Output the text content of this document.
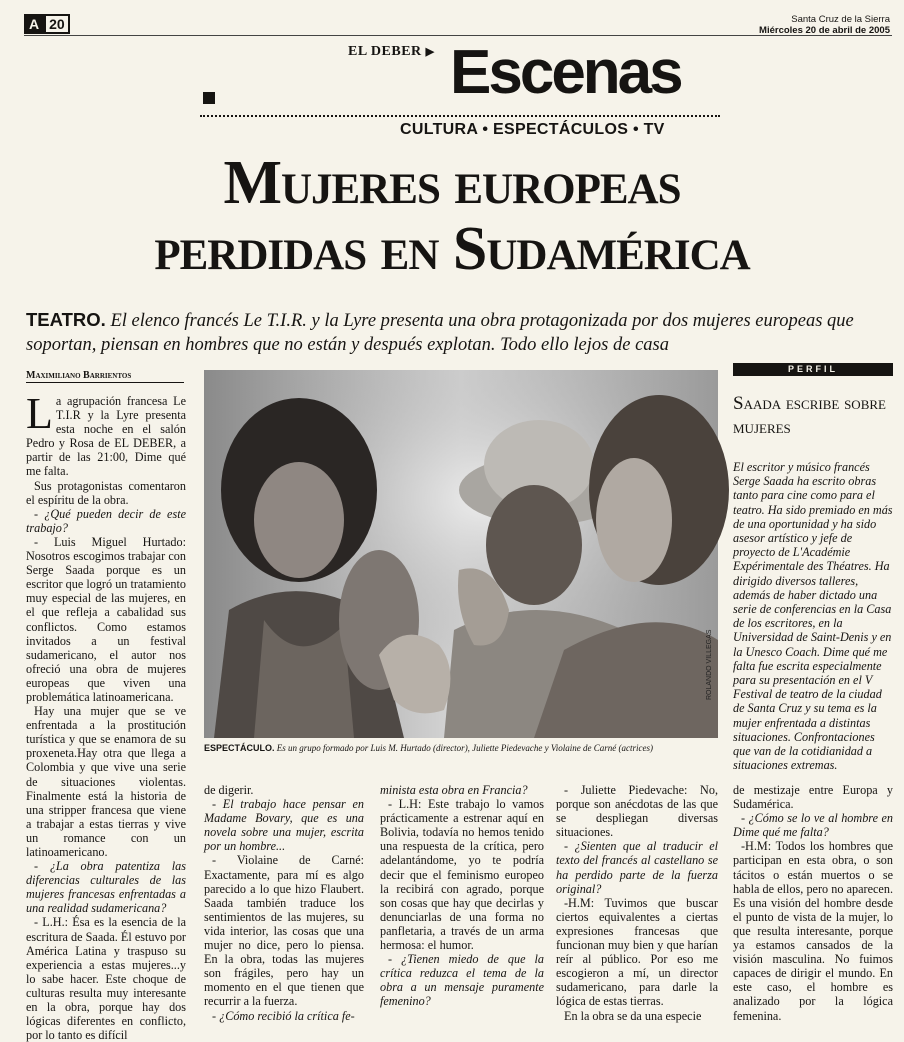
A 20	Santa Cruz de la Sierra
Miércoles 20 de abril de 2005
EL DEBER ▶ Escenas
CULTURA • ESPECTÁCULOS • TV
Mujeres europeas
perdidas en Sudamérica
TEATRO. El elenco francés Le T.I.R. y la Lyre presenta una obra protagonizada por dos mujeres europeas que soportan, piensan en hombres que no están y después explotan. Todo ello lejos de casa
Maximiliano Barrientos
L a agrupación francesa Le T.I.R y la Lyre presenta esta noche en el salón Pedro y Rosa de EL DEBER, a partir de las 21:00, Dime qué me falta.

Sus protagonistas comentaron el espíritu de la obra.

- ¿Qué pueden decir de este trabajo?

- Luis Miguel Hurtado: Nosotros escogimos trabajar con Serge Saada porque es un escritor que logró un tratamiento muy especial de las mujeres, en el que refleja a cabalidad sus conflictos. Como estamos invitados a un festival sudamericano, el autor nos ofreció una obra de mujeres europeas que viven una problemática latinoamericana.

Hay una mujer que se ve enfrentada a la prostitución turística y que se enamora de su proxeneta.Hay otra que llega a Colombia y que vive una serie de situaciones violentas. Finalmente está la historia de una stripper francesa que viene a trabajar a estas tierras y vive un romance con un latinoamericano.

- ¿La obra patentiza las diferencias culturales de las mujeres francesas enfrentadas a una realidad sudamericana?

- L.H.: Ésa es la esencia de la escritura de Saada. Él estuvo por América Latina y traspuso su experiencia a estas mujeres...y lo sabe hacer. Este choque de culturas resulta muy interesante en la obra, porque hay dos lógicas diferentes en conflicto, por lo tanto es difícil

ROLANDO VILLEGAS
ESPECTÁCULO. Es un grupo formado por Luis M. Hurtado (director), Juliette Piedevache y Violaine de Carné (actrices)

de digerir.

- El trabajo hace pensar en Madame Bovary, que es una novela sobre una mujer, escrita por un hombre...

- Violaine de Carné: Exactamente, para mí es algo parecido a lo que hizo Flaubert. Saada también traduce los sentimientos de las mujeres, su vida interior, las cosas que una mujer no dice, pero lo piensa. En la obra, todas las mujeres son frágiles, pero hay un momento en el que tienen que recurrir a la fuerza.

- ¿Cómo recibió la crítica fe-

minista esta obra en Francia?

- L.H: Este trabajo lo vamos prácticamente a estrenar aquí en Bolivia, todavía no hemos tenido una respuesta de la crítica, pero adelantándome, yo te podría decir que el feminismo europeo la recibirá con agrado, porque son cosas que hay que decirlas y denunciarlas de una forma no panfletaria, a través de un arma hermosa: el humor.

- ¿Tienen miedo de que la crítica reduzca el tema de la obra a un mensaje puramente femenino?

- Juliette Piedevache: No, porque son anécdotas de las que se despliegan diversas situaciones.

- ¿Sienten que al traducir el texto del francés al castellano se ha perdido parte de la fuerza original?

-H.M: Tuvimos que buscar ciertos equivalentes a ciertas expresiones francesas que funcionan muy bien y que harían reír al público. Por eso me escogieron a mí, un director sudamericano, para darle la lógica de estas tierras.

En la obra se da una especie

de mestizaje entre Europa y Sudamérica.

- ¿Cómo se lo ve al hombre en Dime qué me falta?

-H.M: Todos los hombres que participan en esta obra, o son tácitos o están muertos o se habla de ellos, pero no aparecen. Es una visión del hombre desde el punto de vista de la mujer, lo que resulta interesante, porque ya estamos cansados de la visión masculina. No fuimos capaces de dirigir el mundo. En este caso, el hombre es analizado por la lógica femenina.

PERFIL
Saada escribe sobre mujeres
El escritor y músico francés Serge Saada ha escrito obras tanto para cine como para el teatro. Ha sido premiado en más de una oportunidad y ha sido asesor artístico y jefe de proyecto de L'Académie Expérimentale des Théatres. Ha dirigido diversos talleres, además de haber dictado una serie de conferencias en la Casa de los escritores, en la Universidad de Saint-Denis y en la Unesco Coach. Dime qué me falta fue escrita especialmente para su presentación en el V Festival de teatro de la ciudad de Santa Cruz y su tema es la mujer enfrentada a distintas situaciones. Confrontaciones que van de la cotidianidad a situaciones extremas.
